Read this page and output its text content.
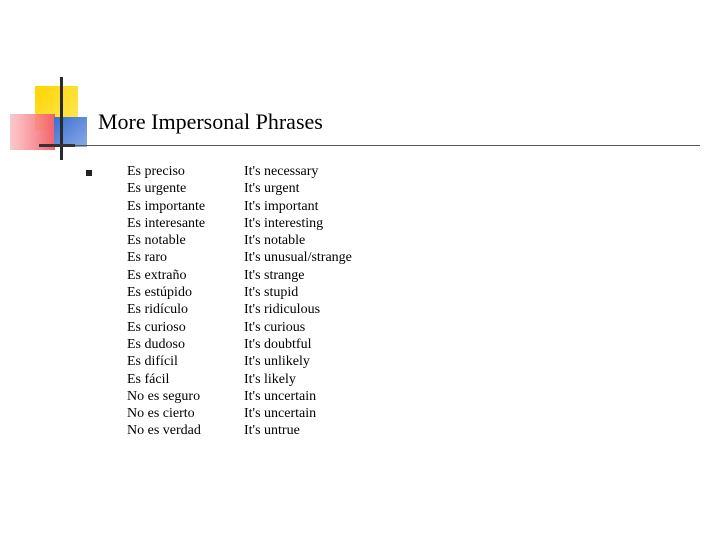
More Impersonal Phrases
Es preciso
Es urgente
Es importante
Es interesante
Es notable
Es raro
Es extraño
Es estúpido
Es ridículo
Es curioso
Es dudoso
Es difícil
Es fácil
No es seguro
No es cierto
No es verdad
It's necessary
It's urgent
It's important
It's interesting
It's notable
It's unusual/strange
It's strange
It's stupid
It's ridiculous
It's curious
It's doubtful
It's unlikely
It's likely
It's uncertain
It's uncertain
It's untrue
